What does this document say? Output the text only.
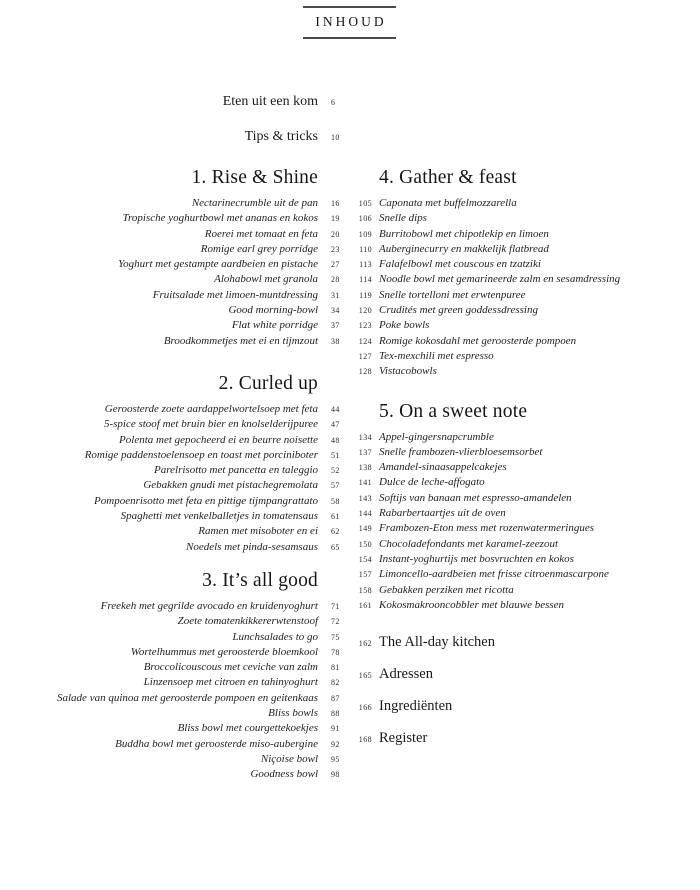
INHOUD
Eten uit een kom	6
Tips & tricks	10
1. Rise & Shine
Nectarinecrumble uit de pan	16
Tropische yoghurtbowl met ananas en kokos	19
Roerei met tomaat en feta	20
Romige earl grey porridge	23
Yoghurt met gestampte aardbeien en pistache	27
Alohabowl met granola	28
Fruitsalade met limoen-muntdressing	31
Good morning-bowl	34
Flat white porridge	37
Broodkommetjes met ei en tijmzout	38
2. Curled up
Geroosterde zoete aardappelwortelsoep met feta	44
5-spice stoof met bruin bier en knolselderijpuree	47
Polenta met gepocheerd ei en beurre noisette	48
Romige paddenstoelensoep en toast met porciniboter	51
Parelrisotto met pancetta en taleggio	52
Gebakken gnudi met pistachegremolata	57
Pompoenrisotto met feta en pittige tijmpangrattato	58
Spaghetti met venkelballetjes in tomatensaus	61
Ramen met misoboter en ei	62
Noedels met pinda-sesamsaus	65
3. It’s all good
Freekeh met gegrilde avocado en kruidenyoghurt	71
Zoete tomatenkikkererwtenstoof	72
Lunchsalades to go	75
Wortelhummus met geroosterde bloemkool	78
Broccolicouscous met ceviche van zalm	81
Linzensoep met citroen en tahinyoghurt	82
Salade van quinoa met geroosterde pompoen en geitenkaas	87
Bliss bowls	88
Bliss bowl met courgettekoekjes	91
Buddha bowl met geroosterde miso-aubergine	92
Niçoise bowl	95
Goodness bowl	98
4. Gather & feast
105 Caponata met buffelmozzarella
106 Snelle dips
109 Burritobowl met chipotlekip en limoen
110 Auberginecurry en makkelijk flatbread
113 Falafelbowl met couscous en tzatziki
114 Noodle bowl met gemarineerde zalm en sesamdressing
119 Snelle tortelloni met erwtenpuree
120 Crudités met green goddessdressing
123 Poke bowls
124 Romige kokosdahl met geroosterde pompoen
127 Tex-mexchili met espresso
128 Vistacobowls
5. On a sweet note
134 Appel-gingersnapcrumble
137 Snelle frambozen-vlierbloesemsorbet
138 Amandel-sinaasappelcakejes
141 Dulce de leche-affogato
143 Softijs van banaan met espresso-amandelen
144 Rabarbertaartjes uit de oven
149 Frambozen-Eton mess met rozenwatermeringues
150 Chocoladefondants met karamel-zeezout
154 Instant-yoghurtijs met bosvruchten en kokos
157 Limoncello-aardbeien met frisse citroenmascarpone
158 Gebakken perziken met ricotta
161 Kokosmakrooncobbler met blauwe bessen
162 The All-day kitchen
165 Adressen
166 Ingrediënten
168 Register
